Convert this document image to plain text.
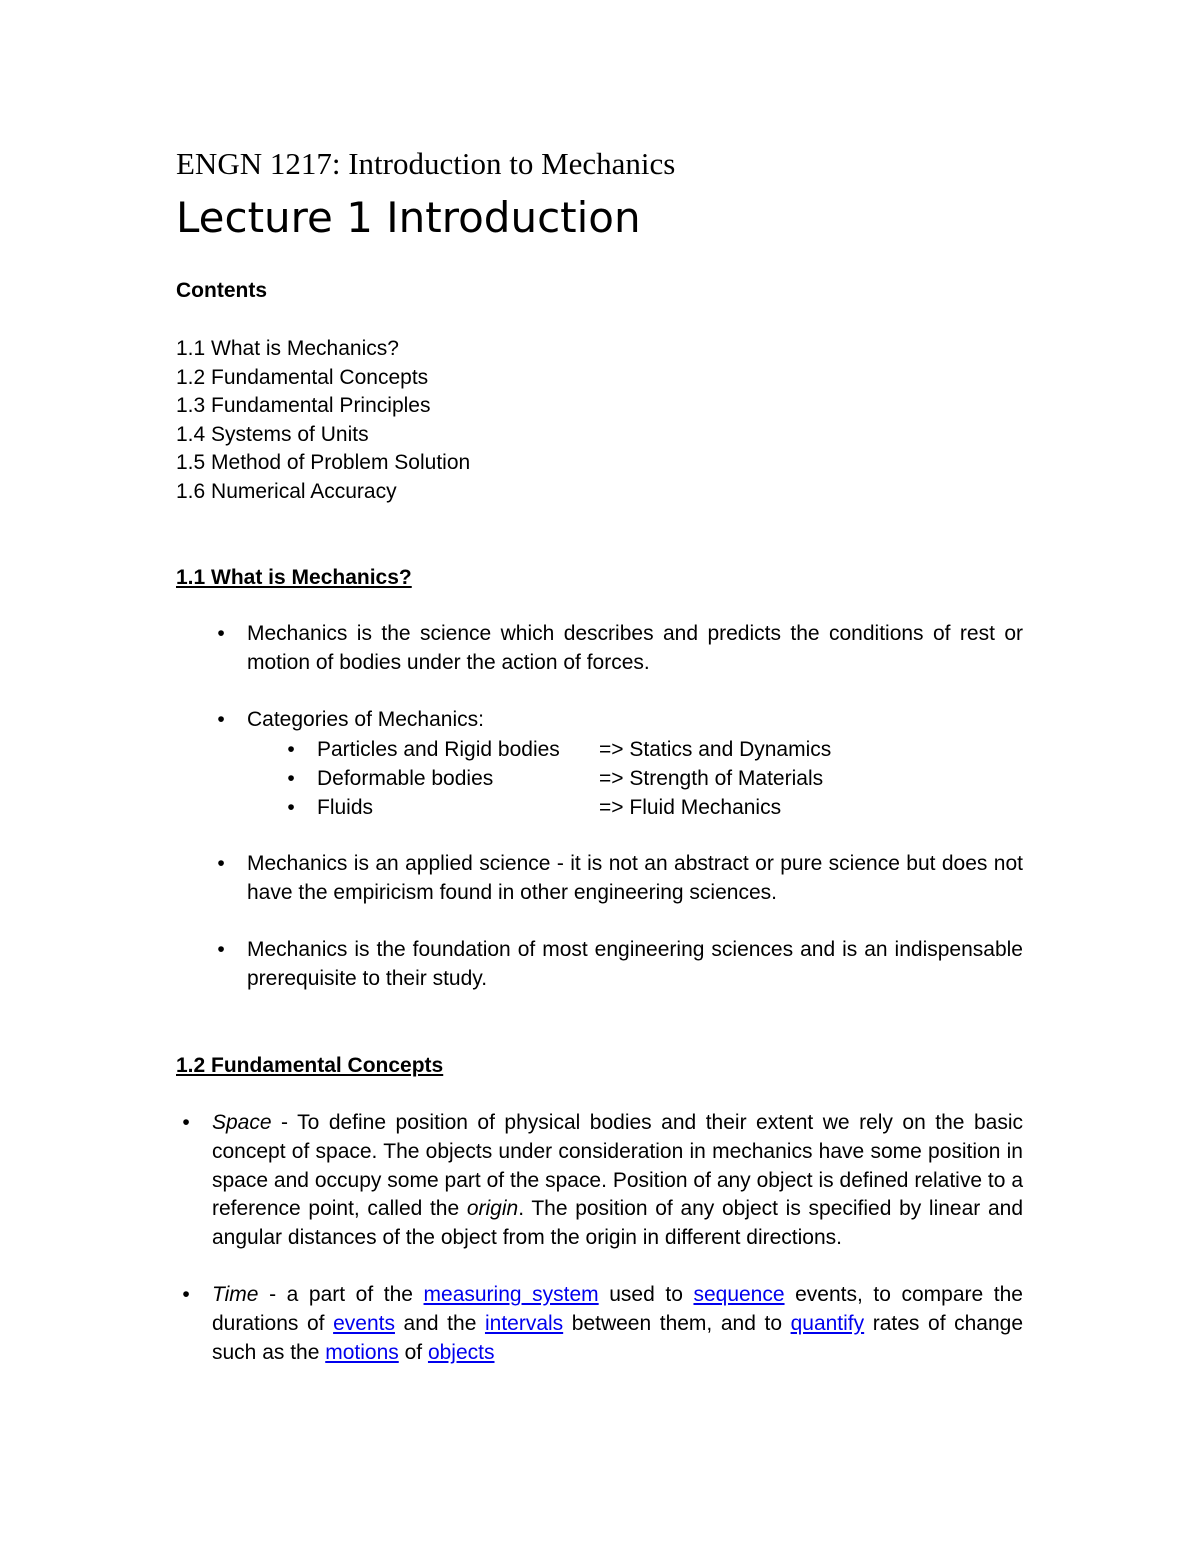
ENGN 1217: Introduction to Mechanics
Lecture 1 Introduction
Contents
1.1 What is Mechanics?
1.2 Fundamental Concepts
1.3 Fundamental Principles
1.4 Systems of Units
1.5 Method of Problem Solution
1.6 Numerical Accuracy
1.1 What is Mechanics?
•	Mechanics is the science which describes and predicts the conditions of rest or motion of bodies under the action of forces.
•	Categories of Mechanics:
•	Particles and Rigid bodies => Statics and Dynamics
•	Deformable bodies	=> Strength of Materials
•	Fluids	=> Fluid Mechanics
•	Mechanics is an applied science - it is not an abstract or pure science but does not have the empiricism found in other engineering sciences.
•	Mechanics is the foundation of most engineering sciences and is an indispensable prerequisite to their study.
1.2 Fundamental Concepts
•	Space - To define position of physical bodies and their extent we rely on the basic concept of space. The objects under consideration in mechanics have some position in space and occupy some part of the space. Position of any object is defined relative to a reference point, called the origin. The position of any object is specified by linear and angular distances of the object from the origin in different directions.
•	Time - a part of the measuring system used to sequence events, to compare the durations of events and the intervals between them, and to quantify rates of change such as the motions of objects
